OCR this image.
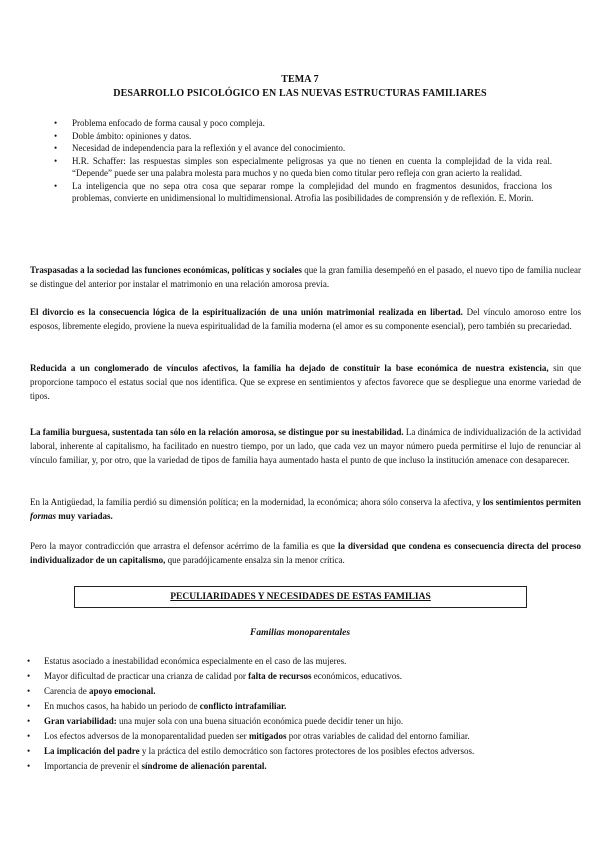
TEMA 7
DESARROLLO PSICOLÓGICO EN LAS NUEVAS ESTRUCTURAS FAMILIARES
• Problema enfocado de forma causal y poco compleja.
• Doble ámbito: opiniones y datos.
• Necesidad de independencia para la reflexión y el avance del conocimiento.
• H.R. Schaffer: las respuestas simples son especialmente peligrosas ya que no tienen en cuenta la complejidad de la vida real. “Depende” puede ser una palabra molesta para muchos y no queda bien como titular pero refleja con gran acierto la realidad.
• La inteligencia que no sepa otra cosa que separar rompe la complejidad del mundo en fragmentos desunidos, fracciona los problemas, convierte en unidimensional lo multidimensional. Atrofia las posibilidades de comprensión y de reflexión. E. Morin.

Traspasadas a la sociedad las funciones económicas, políticas y sociales que la gran familia desempeñó en el pasado, el nuevo tipo de familia nuclear se distingue del anterior por instalar el matrimonio en una relación amorosa previa.

El divorcio es la consecuencia lógica de la espiritualización de una unión matrimonial realizada en libertad. Del vínculo amoroso entre los esposos, libremente elegido, proviene la nueva espiritualidad de la familia moderna (el amor es su componente esencial), pero también su precariedad.

Reducida a un conglomerado de vínculos afectivos, la familia ha dejado de constituir la base económica de nuestra existencia, sin que proporcione tampoco el estatus social que nos identifica. Que se exprese en sentimientos y afectos favorece que se despliegue una enorme variedad de tipos.

La familia burguesa, sustentada tan sólo en la relación amorosa, se distingue por su inestabilidad. La dinámica de individualización de la actividad laboral, inherente al capitalismo, ha facilitado en nuestro tiempo, por un lado, que cada vez un mayor número pueda permitirse el lujo de renunciar al vínculo familiar, y, por otro, que la variedad de tipos de familia haya aumentado hasta el punto de que incluso la institución amenace con desaparecer.

En la Antigüedad, la familia perdió su dimensión política; en la modernidad, la económica; ahora sólo conserva la afectiva, y los sentimientos permiten formas muy variadas.

Pero la mayor contradicción que arrastra el defensor acérrimo de la familia es que la diversidad que condena es consecuencia directa del proceso individualizador de un capitalismo, que paradójicamente ensalza sin la menor crítica.

PECULIARIDADES Y NECESIDADES DE ESTAS FAMILIAS
Familias monoparentales
• Estatus asociado a inestabilidad económica especialmente en el caso de las mujeres.
• Mayor dificultad de practicar una crianza de calidad por falta de recursos económicos, educativos.
• Carencia de apoyo emocional.
• En muchos casos, ha habido un periodo de conflicto intrafamiliar.
• Gran variabilidad: una mujer sola con una buena situación económica puede decidir tener un hijo.
• Los efectos adversos de la monoparentalidad pueden ser mitigados por otras variables de calidad del entorno familiar.
• La implicación del padre y la práctica del estilo democrático son factores protectores de los posibles efectos adversos.
• Importancia de prevenir el síndrome de alienación parental.
